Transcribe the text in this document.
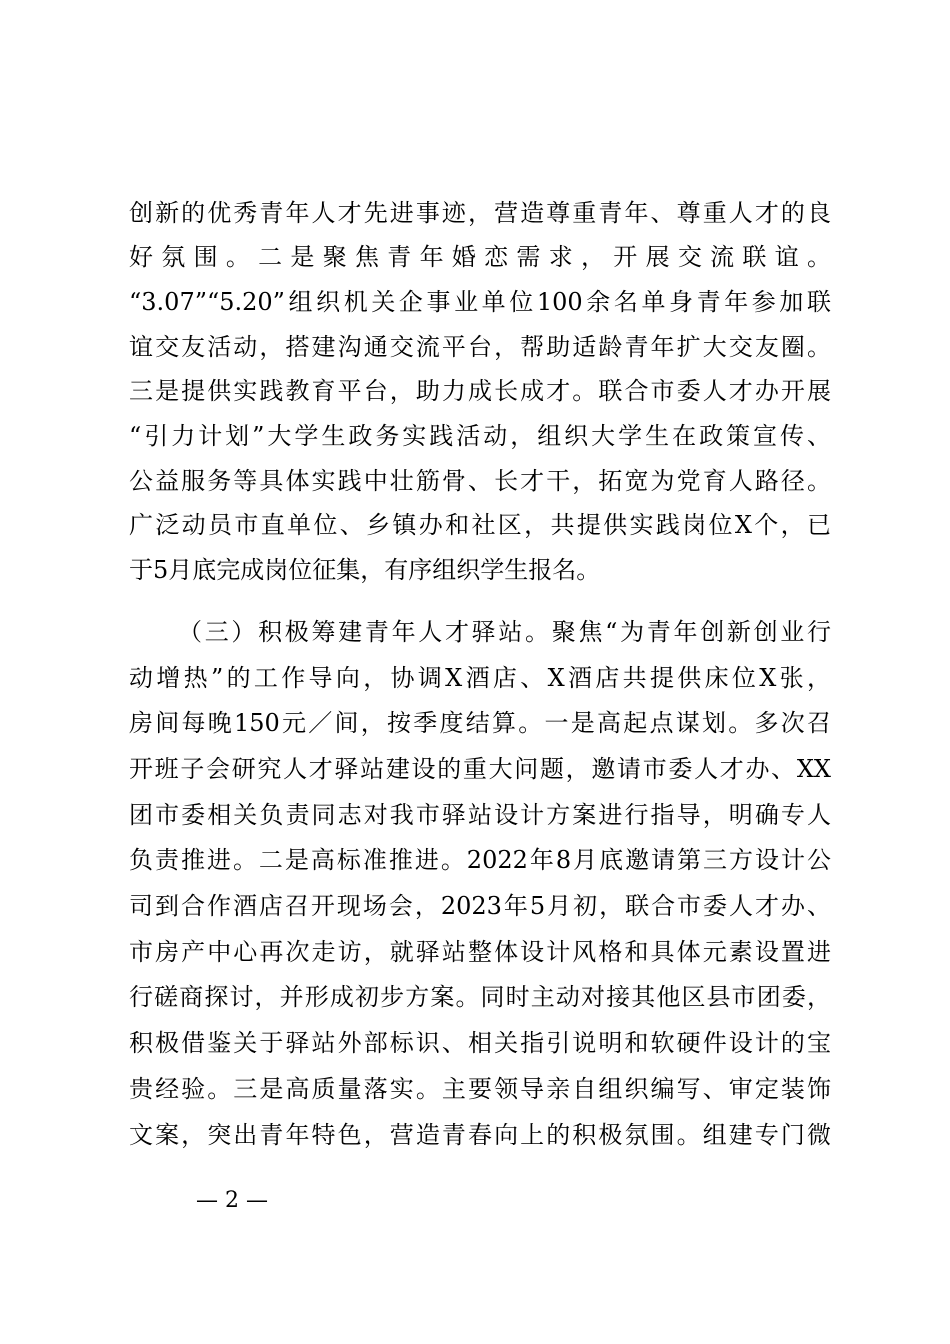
创新的优秀青年人才先进事迹，营造尊重青年、尊重人才的良
好氛围。二是聚焦青年婚恋需求，开展交流联谊。
“3.07”“5.20”组织机关企事业单位100余名单身青年参加联
谊交友活动，搭建沟通交流平台，帮助适龄青年扩大交友圈。
三是提供实践教育平台，助力成长成才。联合市委人才办开展
“引力计划”大学生政务实践活动，组织大学生在政策宣传、
公益服务等具体实践中壮筋骨、长才干，拓宽为党育人路径。
广泛动员市直单位、乡镇办和社区，共提供实践岗位X个，已
于5月底完成岗位征集，有序组织学生报名。
（三）积极筹建青年人才驿站。聚焦“为青年创新创业行
动增热”的工作导向，协调X酒店、X酒店共提供床位X张，
房间每晚150元／间，按季度结算。一是高起点谋划。多次召
开班子会研究人才驿站建设的重大问题，邀请市委人才办、XX
团市委相关负责同志对我市驿站设计方案进行指导，明确专人
负责推进。二是高标准推进。2022年8月底邀请第三方设计公
司到合作酒店召开现场会，2023年5月初，联合市委人才办、
市房产中心再次走访，就驿站整体设计风格和具体元素设置进
行磋商探讨，并形成初步方案。同时主动对接其他区县市团委，
积极借鉴关于驿站外部标识、相关指引说明和软硬件设计的宝
贵经验。三是高质量落实。主要领导亲自组织编写、审定装饰
文案，突出青年特色，营造青春向上的积极氛围。组建专门微
— 2 —
